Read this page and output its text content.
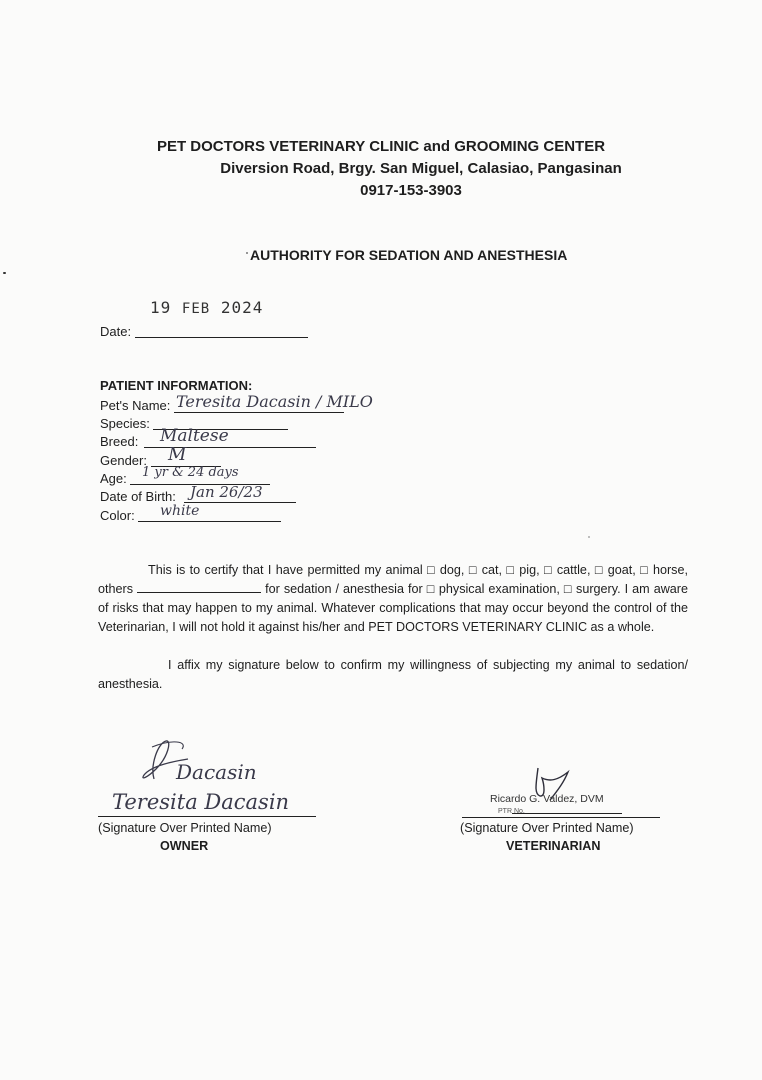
PET DOCTORS VETERINARY CLINIC and GROOMING CENTER
Diversion Road, Brgy. San Miguel, Calasiao, Pangasinan
0917-153-3903
AUTHORITY FOR SEDATION AND ANESTHESIA
19 FEB 2024
Date:
PATIENT INFORMATION:
Pet's Name: Teresita Dacasin / MILO
Species:
Breed: Maltese
Gender: M
Age: 1 yr & 24 days
Date of Birth: Jan 26/23
Color: white
This is to certify that I have permitted my animal □ dog, □ cat, □ pig, □ cattle, □ goat, □ horse, others	for sedation / anesthesia for □ physical examination, □ surgery. I am aware of risks that may happen to my animal. Whatever complications that may occur beyond the control of the Veterinarian, I will not hold it against his/her and PET DOCTORS VETERINARY CLINIC as a whole.
I affix my signature below to confirm my willingness of subjecting my animal to sedation/ anesthesia.
Dacasin
Teresita Dacasin
(Signature Over Printed Name)
OWNER
Ricardo G. Valdez, DVM
PTR No.
(Signature Over Printed Name)
VETERINARIAN
